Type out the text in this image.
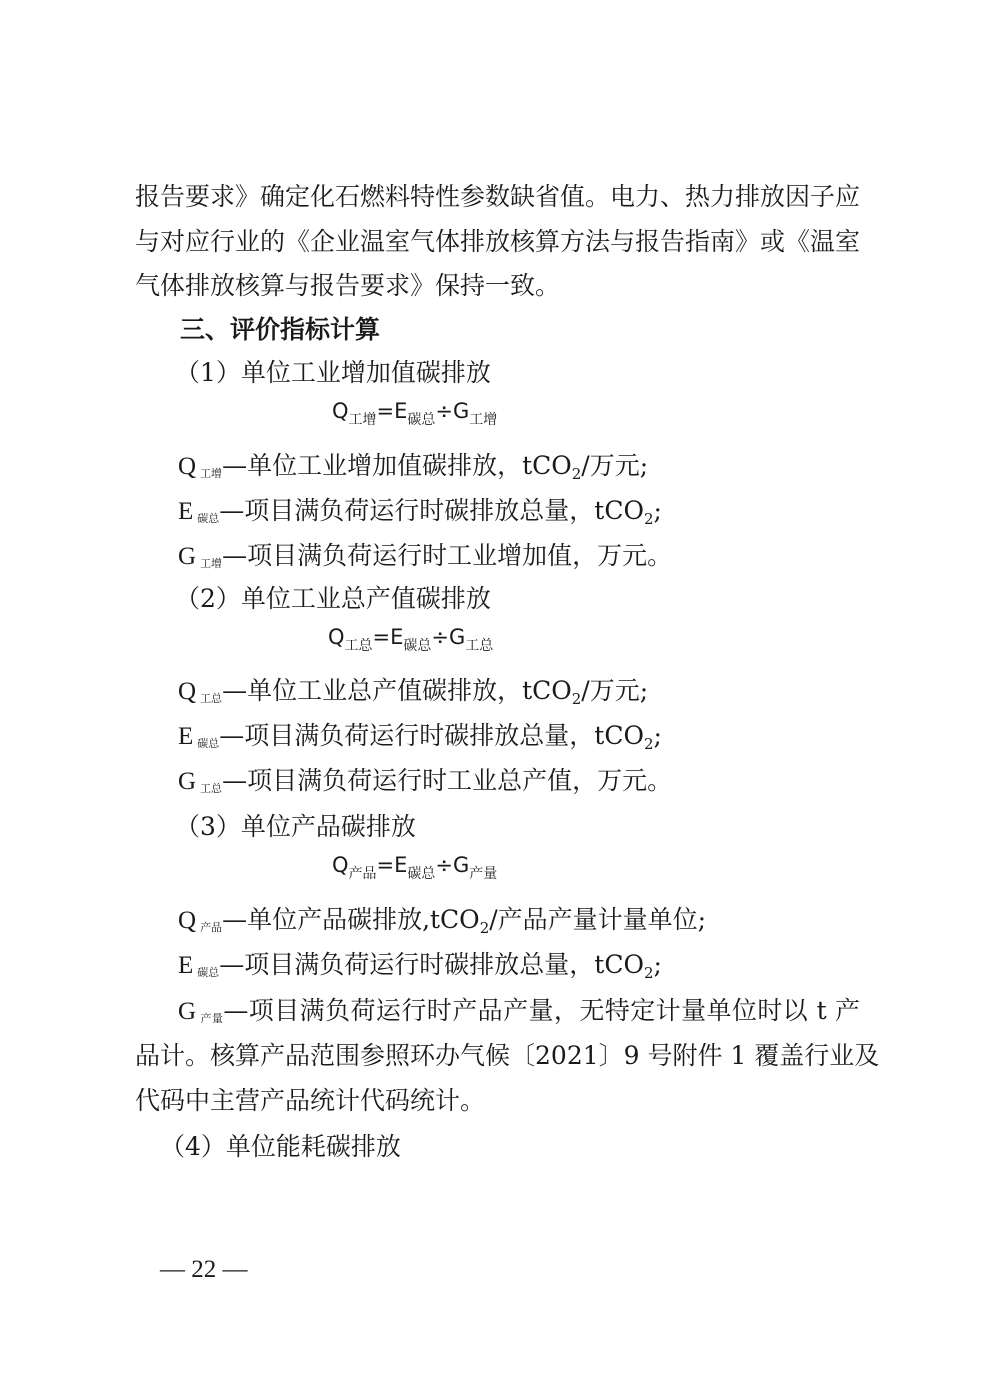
报告要求》确定化石燃料特性参数缺省值。电力、热力排放因子应
与对应行业的《企业温室气体排放核算方法与报告指南》或《温室
气体排放核算与报告要求》保持一致。
三、评价指标计算
（1）单位工业增加值碳排放
$Q_{工增}=E_{碳总}\div G_{工增}$
Q工增—单位工业增加值碳排放，tCO$_2$/万元;
E碳总—项目满负荷运行时碳排放总量，tCO$_2$;
G工增—项目满负荷运行时工业增加值，万元。
（2）单位工业总产值碳排放
$Q_{工总}=E_{碳总}\div G_{工总}$
Q工总—单位工业总产值碳排放，tCO$_2$/万元;
E碳总—项目满负荷运行时碳排放总量，tCO$_2$;
G工总—项目满负荷运行时工业总产值，万元。
（3）单位产品碳排放
$Q_{产品}=E_{碳总}\div G_{产量}$
Q产品—单位产品碳排放,tCO$_2$/产品产量计量单位;
E碳总—项目满负荷运行时碳排放总量，tCO$_2$;
G产量—项目满负荷运行时产品产量，无特定计量单位时以 t 产
品计。核算产品范围参照环办气候〔2021〕9 号附件 1 覆盖行业及
代码中主营产品统计代码统计。
（4）单位能耗碳排放
— 22 —
